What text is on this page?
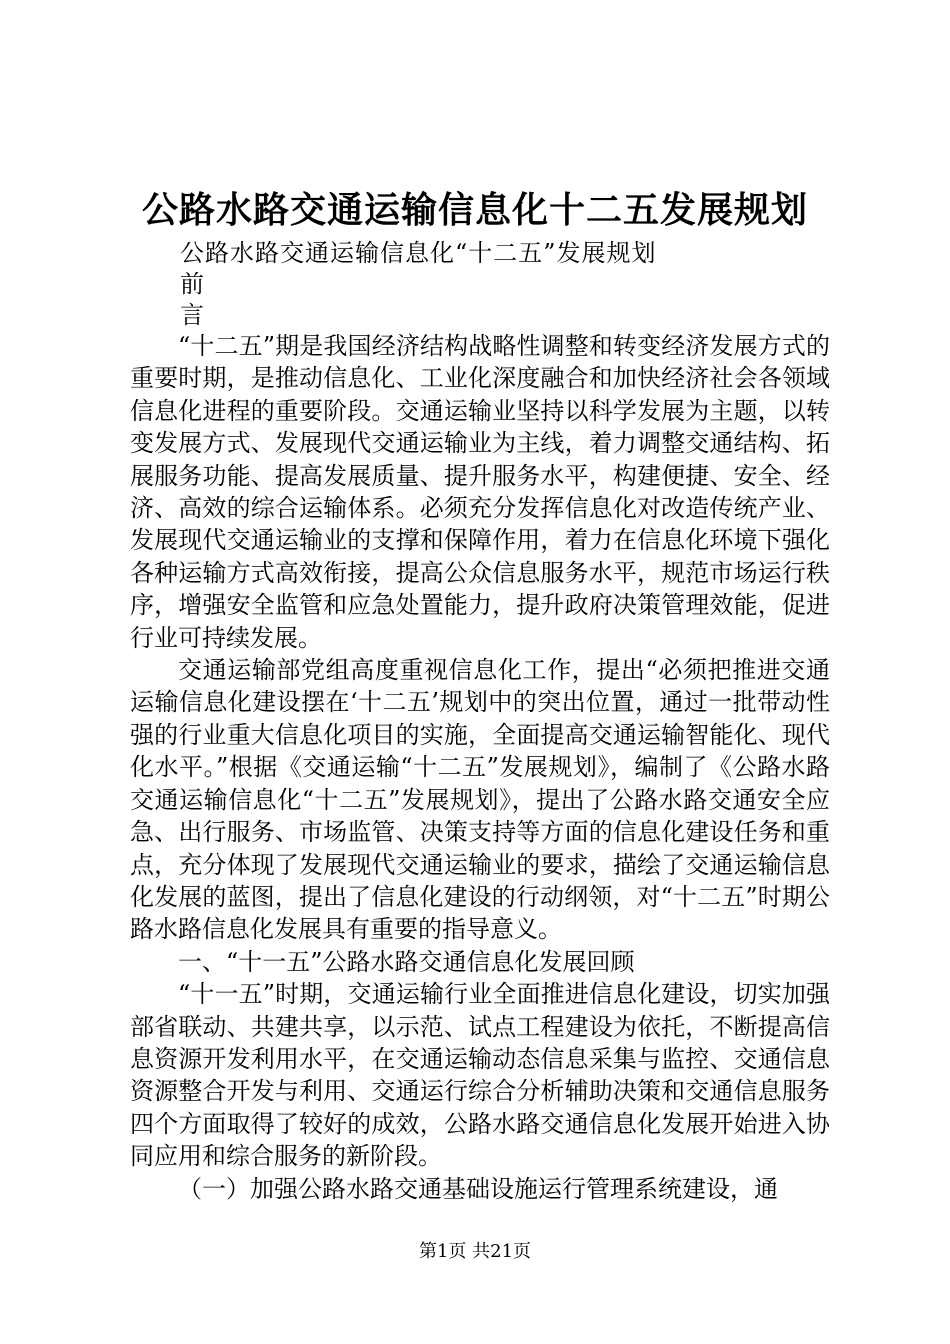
公路水路交通运输信息化十二五发展规划
公路水路交通运输信息化“十二五”发展规划
前
言

“十二五”期是我国经济结构战略性调整和转变经济发展方式的重要时期，是推动信息化、工业化深度融合和加快经济社会各领域信息化进程的重要阶段。交通运输业坚持以科学发展为主题，以转变发展方式、发展现代交通运输业为主线，着力调整交通结构、拓展服务功能、提高发展质量、提升服务水平，构建便捷、安全、经济、高效的综合运输体系。必须充分发挥信息化对改造传统产业、发展现代交通运输业的支撑和保障作用，着力在信息化环境下强化各种运输方式高效衔接，提高公众信息服务水平，规范市场运行秩序，增强安全监管和应急处置能力，提升政府决策管理效能，促进行业可持续发展。

交通运输部党组高度重视信息化工作，提出“必须把推进交通运输信息化建设摆在‘十二五’规划中的突出位置，通过一批带动性强的行业重大信息化项目的实施，全面提高交通运输智能化、现代化水平。”根据《交通运输“十二五”发展规划》，编制了《公路水路交通运输信息化“十二五”发展规划》，提出了公路水路交通安全应急、出行服务、市场监管、决策支持等方面的信息化建设任务和重点，充分体现了发展现代交通运输业的要求，描绘了交通运输信息化发展的蓝图，提出了信息化建设的行动纲领，对“十二五”时期公路水路信息化发展具有重要的指导意义。

一、“十一五”公路水路交通信息化发展回顾

“十一五”时期，交通运输行业全面推进信息化建设，切实加强部省联动、共建共享，以示范、试点工程建设为依托，不断提高信息资源开发利用水平，在交通运输动态信息采集与监控、交通信息资源整合开发与利用、交通运行综合分析辅助决策和交通信息服务四个方面取得了较好的成效，公路水路交通信息化发展开始进入协同应用和综合服务的新阶段。

（一）加强公路水路交通基础设施运行管理系统建设，通

第1页 共21页
